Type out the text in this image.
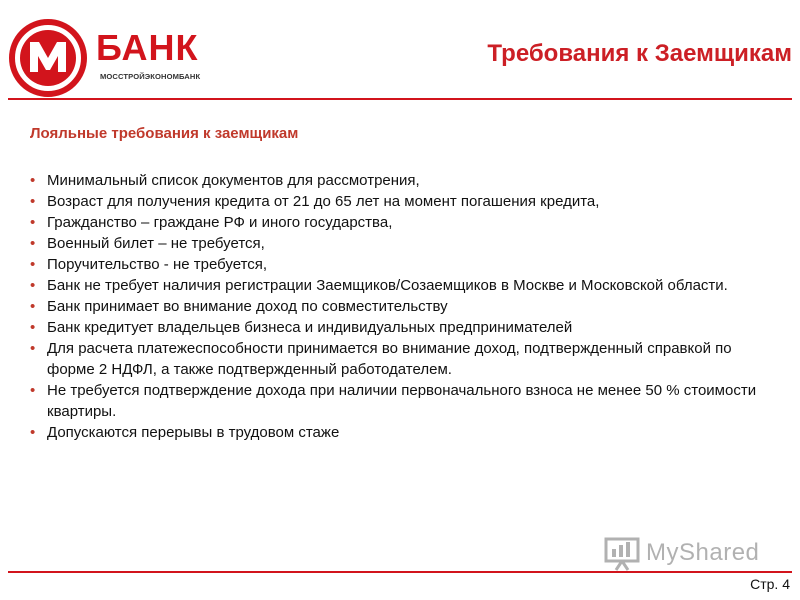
БАНК
МОССТРОЙЭКОНОМБАНК
Требования к Заемщикам
Лояльные требования к заемщикам
• Минимальный список документов для рассмотрения,
• Возраст для получения кредита от 21 до 65 лет на момент погашения кредита,
• Гражданство – граждане РФ и иного государства,
• Военный билет – не требуется,
• Поручительство - не требуется,
• Банк не требует наличия регистрации Заемщиков/Созаемщиков в Москве и Московской области.
• Банк принимает во внимание доход по совместительству
• Банк кредитует владельцев бизнеса и индивидуальных предпринимателей
• Для расчета платежеспособности принимается во внимание доход, подтвержденный справкой по форме 2 НДФЛ, а также подтвержденный работодателем.
• Не требуется подтверждение дохода при наличии первоначального взноса не менее 50 % стоимости квартиры.
• Допускаются перерывы в трудовом стаже
MyShared
Стр. 4
